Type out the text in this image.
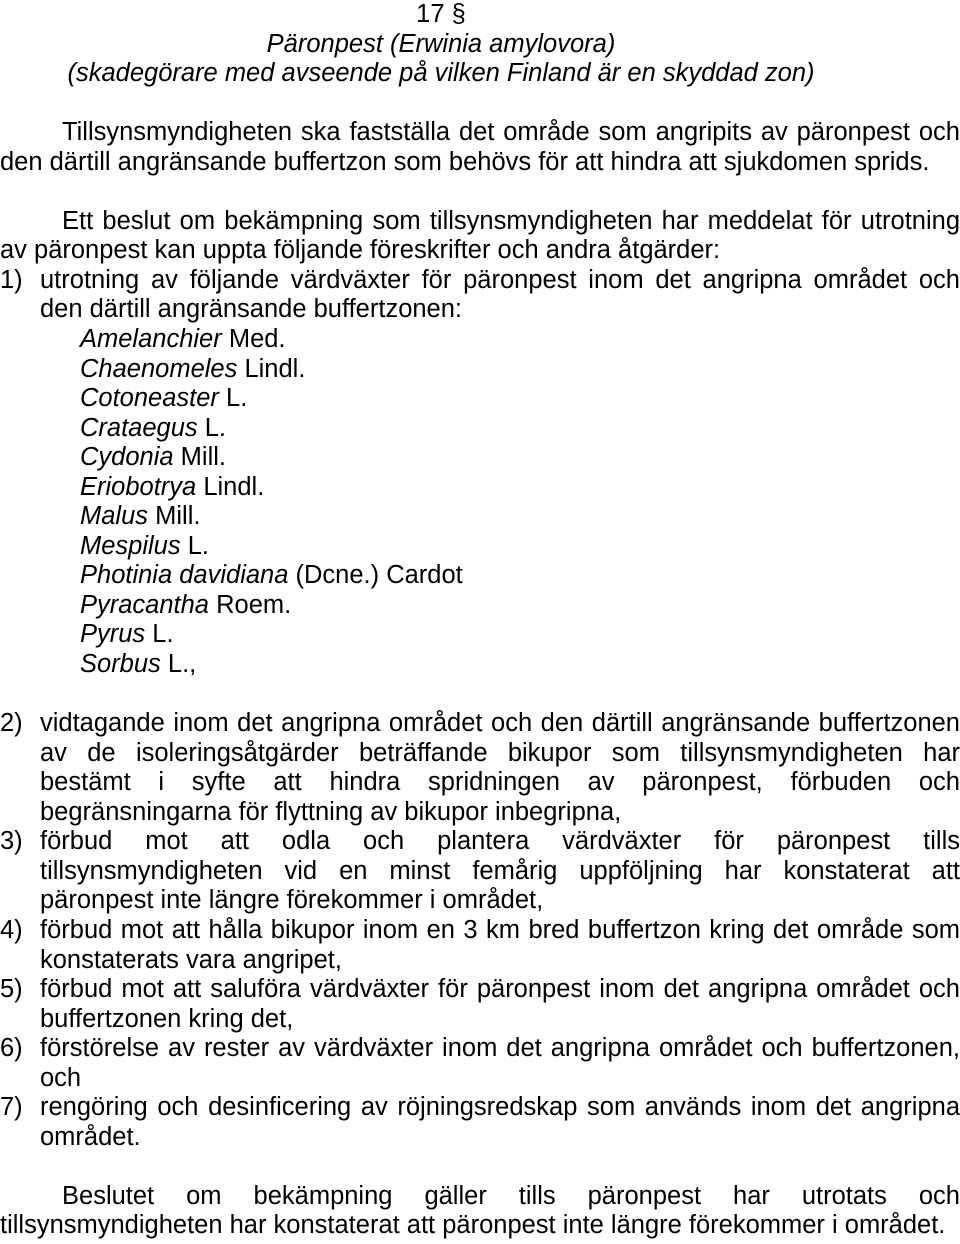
17 §
Päronpest (Erwinia amylovora)
(skadegörare med avseende på vilken Finland är en skyddad zon)
Tillsynsmyndigheten ska fastställa det område som angripits av päronpest och
den därtill angränsande buffertzon som behövs för att hindra att sjukdomen sprids.
Ett beslut om bekämpning som tillsynsmyndigheten har meddelat för utrotning
av päronpest kan uppta följande föreskrifter och andra åtgärder:
1) utrotning av följande värdväxter för päronpest inom det angripna området och
den därtill angränsande buffertzonen:
Amelanchier Med.
Chaenomeles Lindl.
Cotoneaster L.
Crataegus L.
Cydonia Mill.
Eriobotrya Lindl.
Malus Mill.
Mespilus L.
Photinia davidiana (Dcne.) Cardot
Pyracantha Roem.
Pyrus L.
Sorbus L.,
2) vidtagande inom det angripna området och den därtill angränsande buffertzonen
av de isoleringsåtgärder beträffande bikupor som tillsynsmyndigheten har
bestämt i syfte att hindra spridningen av päronpest, förbuden och
begränsningarna för flyttning av bikupor inbegripna,
3) förbud mot att odla och plantera värdväxter för päronpest tills
tillsynsmyndigheten vid en minst femårig uppföljning har konstaterat att
päronpest inte längre förekommer i området,
4) förbud mot att hålla bikupor inom en 3 km bred buffertzon kring det område som
konstaterats vara angripet,
5) förbud mot att saluföra värdväxter för päronpest inom det angripna området och
buffertzonen kring det,
6) förstörelse av rester av värdväxter inom det angripna området och buffertzonen,
och
7) rengöring och desinficering av röjningsredskap som används inom det angripna
området.
Beslutet om bekämpning gäller tills päronpest har utrotats och
tillsynsmyndigheten har konstaterat att päronpest inte längre förekommer i området.
